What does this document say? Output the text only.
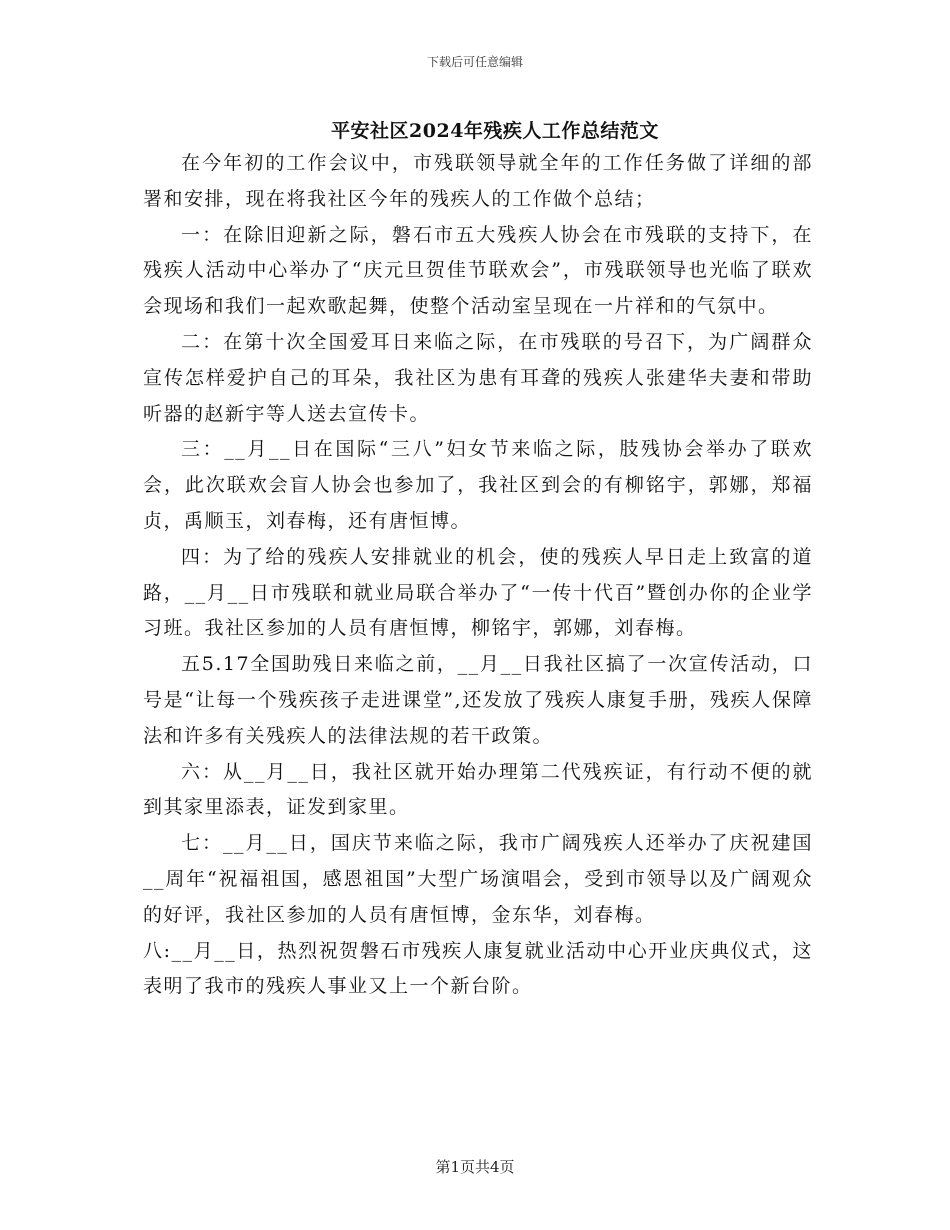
下载后可任意编辑
平安社区2024年残疾人工作总结范文

在今年初的工作会议中，市残联领导就全年的工作任务做了详细的部署和安排，现在将我社区今年的残疾人的工作做个总结；

一：在除旧迎新之际，磐石市五大残疾人协会在市残联的支持下，在残疾人活动中心举办了“庆元旦贺佳节联欢会”，市残联领导也光临了联欢会现场和我们一起欢歌起舞，使整个活动室呈现在一片祥和的气氛中。

二：在第十次全国爱耳日来临之际，在市残联的号召下，为广阔群众宣传怎样爱护自己的耳朵，我社区为患有耳聋的残疾人张建华夫妻和带助听器的赵新宇等人送去宣传卡。

三：__月__日在国际“三八”妇女节来临之际，肢残协会举办了联欢会，此次联欢会盲人协会也参加了，我社区到会的有柳铭宇，郭娜，郑福贞，禹顺玉，刘春梅，还有唐恒博。

四：为了给的残疾人安排就业的机会，使的残疾人早日走上致富的道路，__月__日市残联和就业局联合举办了“一传十代百”暨创办你的企业学习班。我社区参加的人员有唐恒博，柳铭宇，郭娜，刘春梅。

五5.17全国助残日来临之前，__月__日我社区搞了一次宣传活动，口号是“让每一个残疾孩子走进课堂”,还发放了残疾人康复手册，残疾人保障法和许多有关残疾人的法律法规的若干政策。

六：从__月__日，我社区就开始办理第二代残疾证，有行动不便的就到其家里添表，证发到家里。

七：__月__日，国庆节来临之际，我市广阔残疾人还举办了庆祝建国__周年“祝福祖国，感恩祖国”大型广场演唱会，受到市领导以及广阔观众的好评，我社区参加的人员有唐恒博，金东华，刘春梅。

八:__月__日，热烈祝贺磐石市残疾人康复就业活动中心开业庆典仪式，这表明了我市的残疾人事业又上一个新台阶。

第1页共4页
